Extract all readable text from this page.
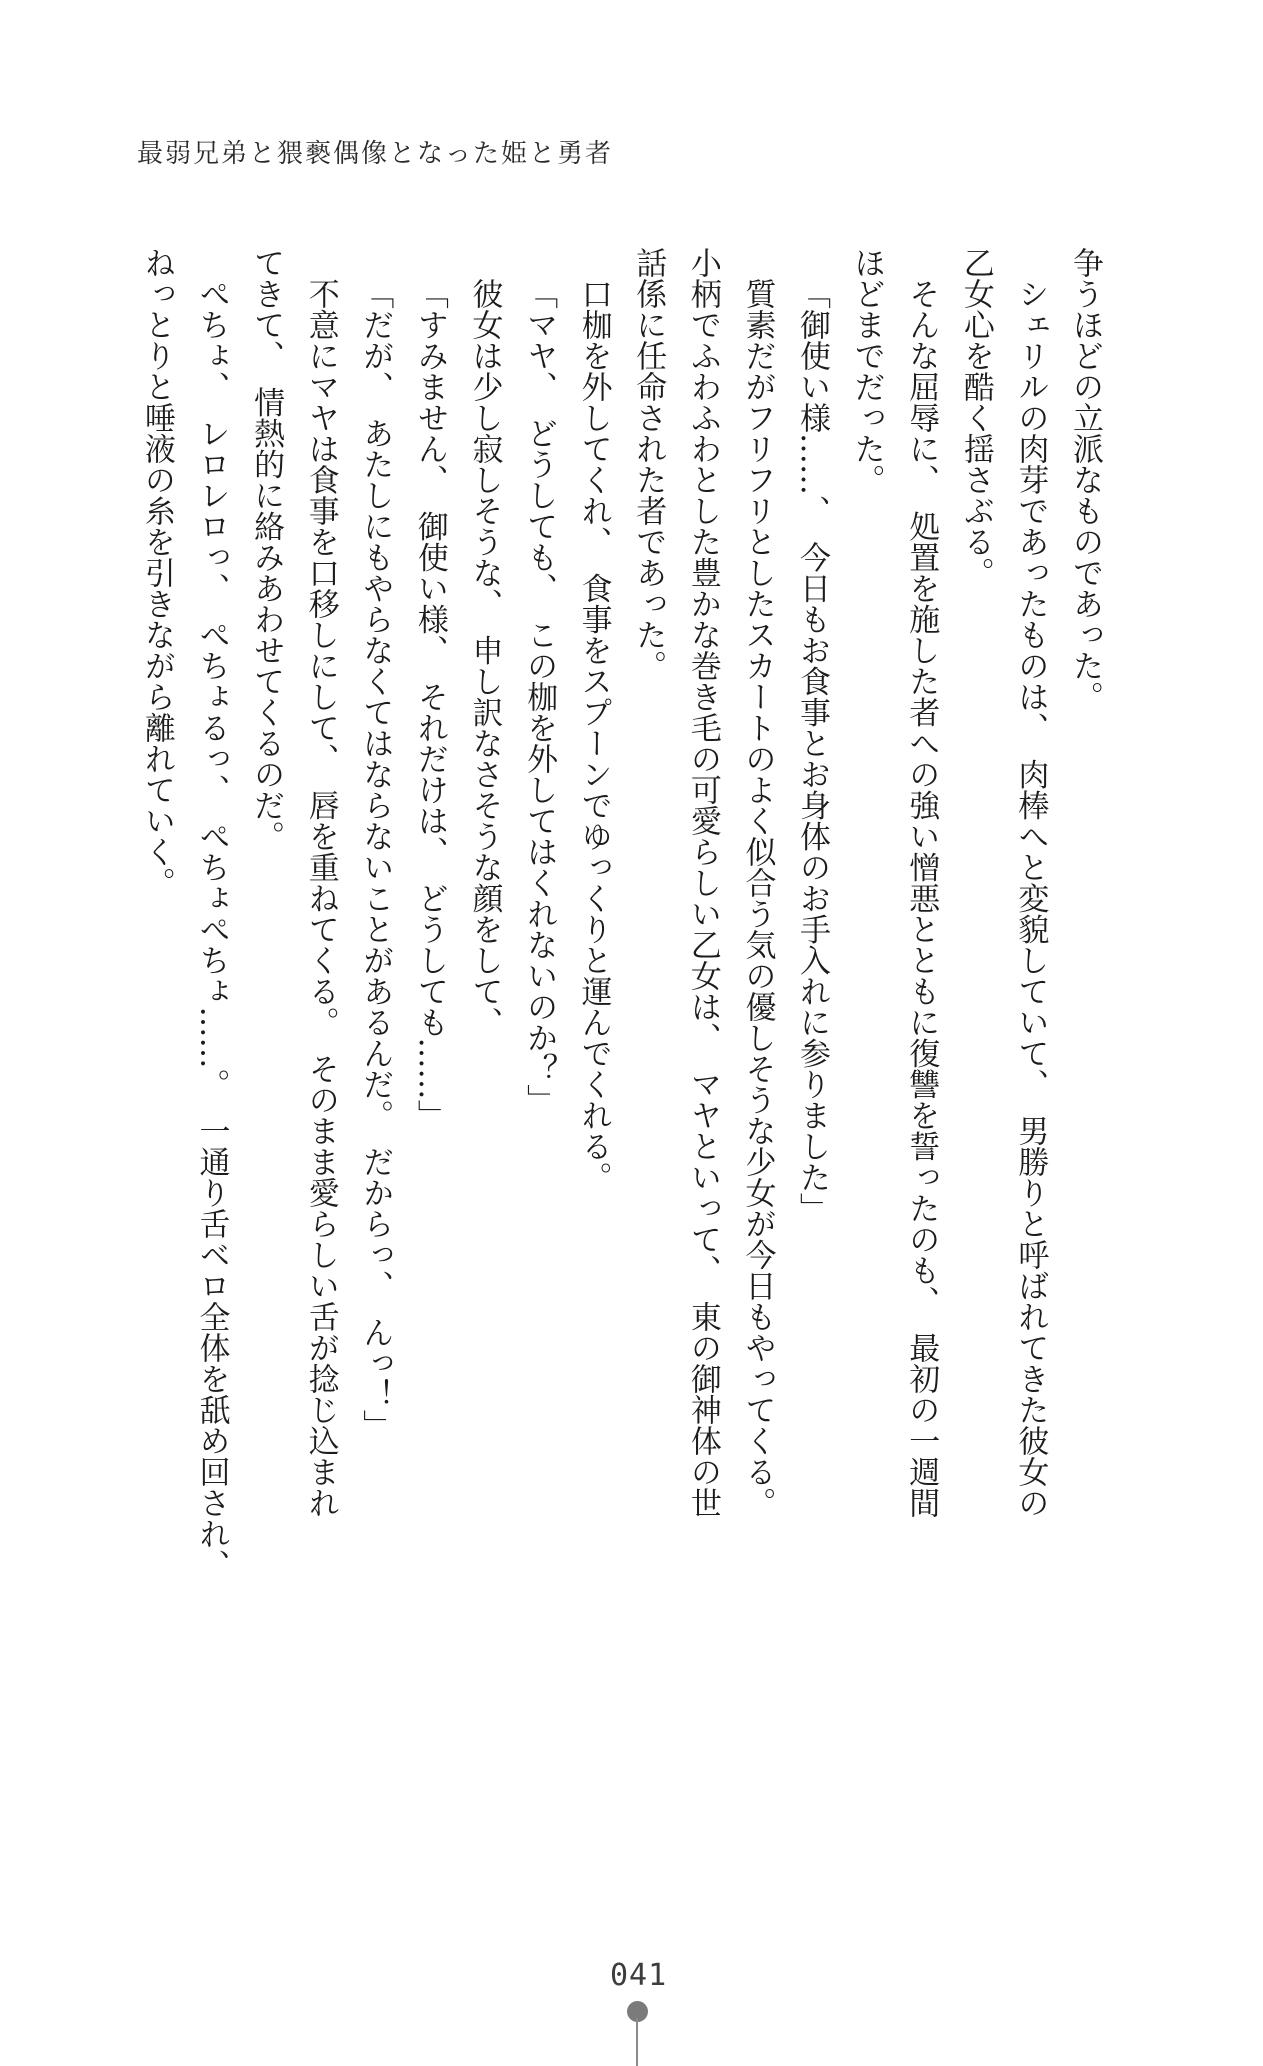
最弱兄弟と猥褻偶像となった姫と勇者

争うほどの立派なものであった。

シェリルの肉芽であったものは、　肉棒へと変貌していて、　男勝りと呼ばれてきた彼女の

乙女心を酷く揺さぶる。

そんな屈辱に、　処置を施した者への強い憎悪とともに復讐を誓ったのも、　最初の一週間

ほどまでだった。

「御使い様……、　今日もお食事とお身体のお手入れに参りました」

質素だがフリフリとしたスカートのよく似合う気の優しそうな少女が今日もやってくる。

小柄でふわふわとした豊かな巻き毛の可愛らしい乙女は、　マヤといって、　東の御神体の世

話係に任命された者であった。

口枷を外してくれ、　食事をスプーンでゆっくりと運んでくれる。

「マヤ、　どうしても、　この枷を外してはくれないのか？」

彼女は少し寂しそうな、　申し訳なさそうな顔をして、

「すみません、　御使い様、　それだけは、　どうしても……」

「だが、　あたしにもやらなくてはならないことがあるんだ。　だからっ、　んっ！」

不意にマヤは食事を口移しにして、　唇を重ねてくる。　そのまま愛らしい舌が捻じ込まれ

てきて、　情熱的に絡みあわせてくるのだ。

ぺちょ、　レロレロっ、　ぺちょるっ、　ぺちょぺちょ……。　一通り舌ベロ全体を舐め回され、

ねっとりと唾液の糸を引きながら離れていく。

041
